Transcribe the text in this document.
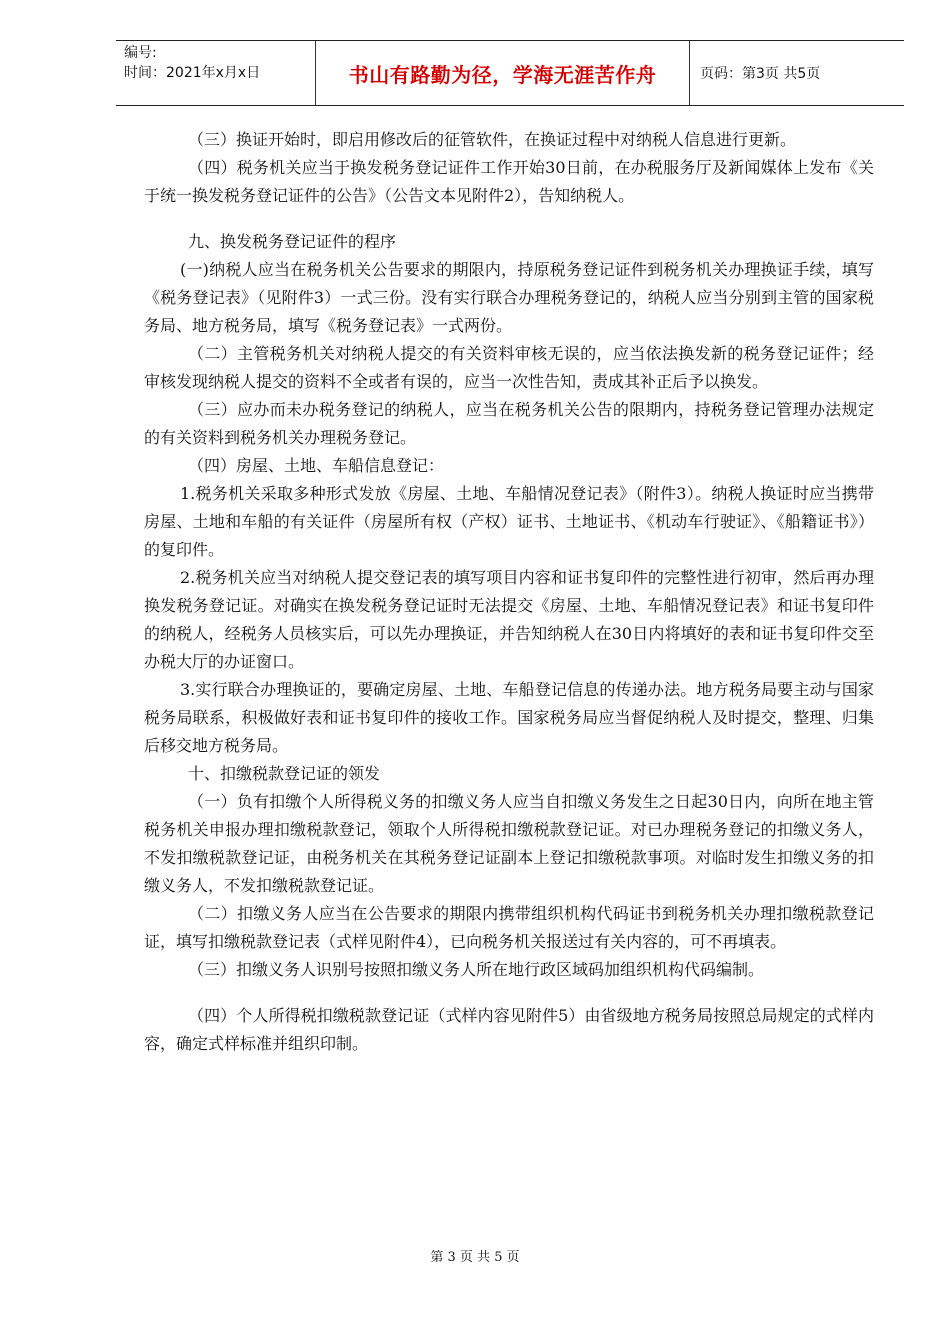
编号:
时间：2021年x月x日	书山有路勤为径，学海无涯苦作舟	页码：第3页 共5页

（三）换证开始时，即启用修改后的征管软件，在换证过程中对纳税人信息进行更新。

（四）税务机关应当于换发税务登记证件工作开始30日前，在办税服务厅及新闻媒体上发布《关于统一换发税务登记证件的公告》（公告文本见附件2），告知纳税人。

九、换发税务登记证件的程序

(一)纳税人应当在税务机关公告要求的期限内，持原税务登记证件到税务机关办理换证手续，填写《税务登记表》（见附件3）一式三份。没有实行联合办理税务登记的，纳税人应当分别到主管的国家税务局、地方税务局，填写《税务登记表》一式两份。

（二）主管税务机关对纳税人提交的有关资料审核无误的，应当依法换发新的税务登记证件；经审核发现纳税人提交的资料不全或者有误的，应当一次性告知，责成其补正后予以换发。

（三）应办而未办税务登记的纳税人，应当在税务机关公告的限期内，持税务登记管理办法规定的有关资料到税务机关办理税务登记。

（四）房屋、土地、车船信息登记：

1.税务机关采取多种形式发放《房屋、土地、车船情况登记表》（附件3）。纳税人换证时应当携带房屋、土地和车船的有关证件（房屋所有权（产权）证书、土地证书、《机动车行驶证》、《船籍证书》）的复印件。

2.税务机关应当对纳税人提交登记表的填写项目内容和证书复印件的完整性进行初审，然后再办理换发税务登记证。对确实在换发税务登记证时无法提交《房屋、土地、车船情况登记表》和证书复印件的纳税人，经税务人员核实后，可以先办理换证，并告知纳税人在30日内将填好的表和证书复印件交至办税大厅的办证窗口。

3.实行联合办理换证的，要确定房屋、土地、车船登记信息的传递办法。地方税务局要主动与国家税务局联系，积极做好表和证书复印件的接收工作。国家税务局应当督促纳税人及时提交，整理、归集后移交地方税务局。

十、扣缴税款登记证的领发

（一）负有扣缴个人所得税义务的扣缴义务人应当自扣缴义务发生之日起30日内，向所在地主管税务机关申报办理扣缴税款登记，领取个人所得税扣缴税款登记证。对已办理税务登记的扣缴义务人，不发扣缴税款登记证，由税务机关在其税务登记证副本上登记扣缴税款事项。对临时发生扣缴义务的扣缴义务人，不发扣缴税款登记证。

（二）扣缴义务人应当在公告要求的期限内携带组织机构代码证书到税务机关办理扣缴税款登记证，填写扣缴税款登记表（式样见附件4），已向税务机关报送过有关内容的，可不再填表。

（三）扣缴义务人识别号按照扣缴义务人所在地行政区域码加组织机构代码编制。

（四）个人所得税扣缴税款登记证（式样内容见附件5）由省级地方税务局按照总局规定的式样内容，确定式样标准并组织印制。

第 3 页 共 5 页
